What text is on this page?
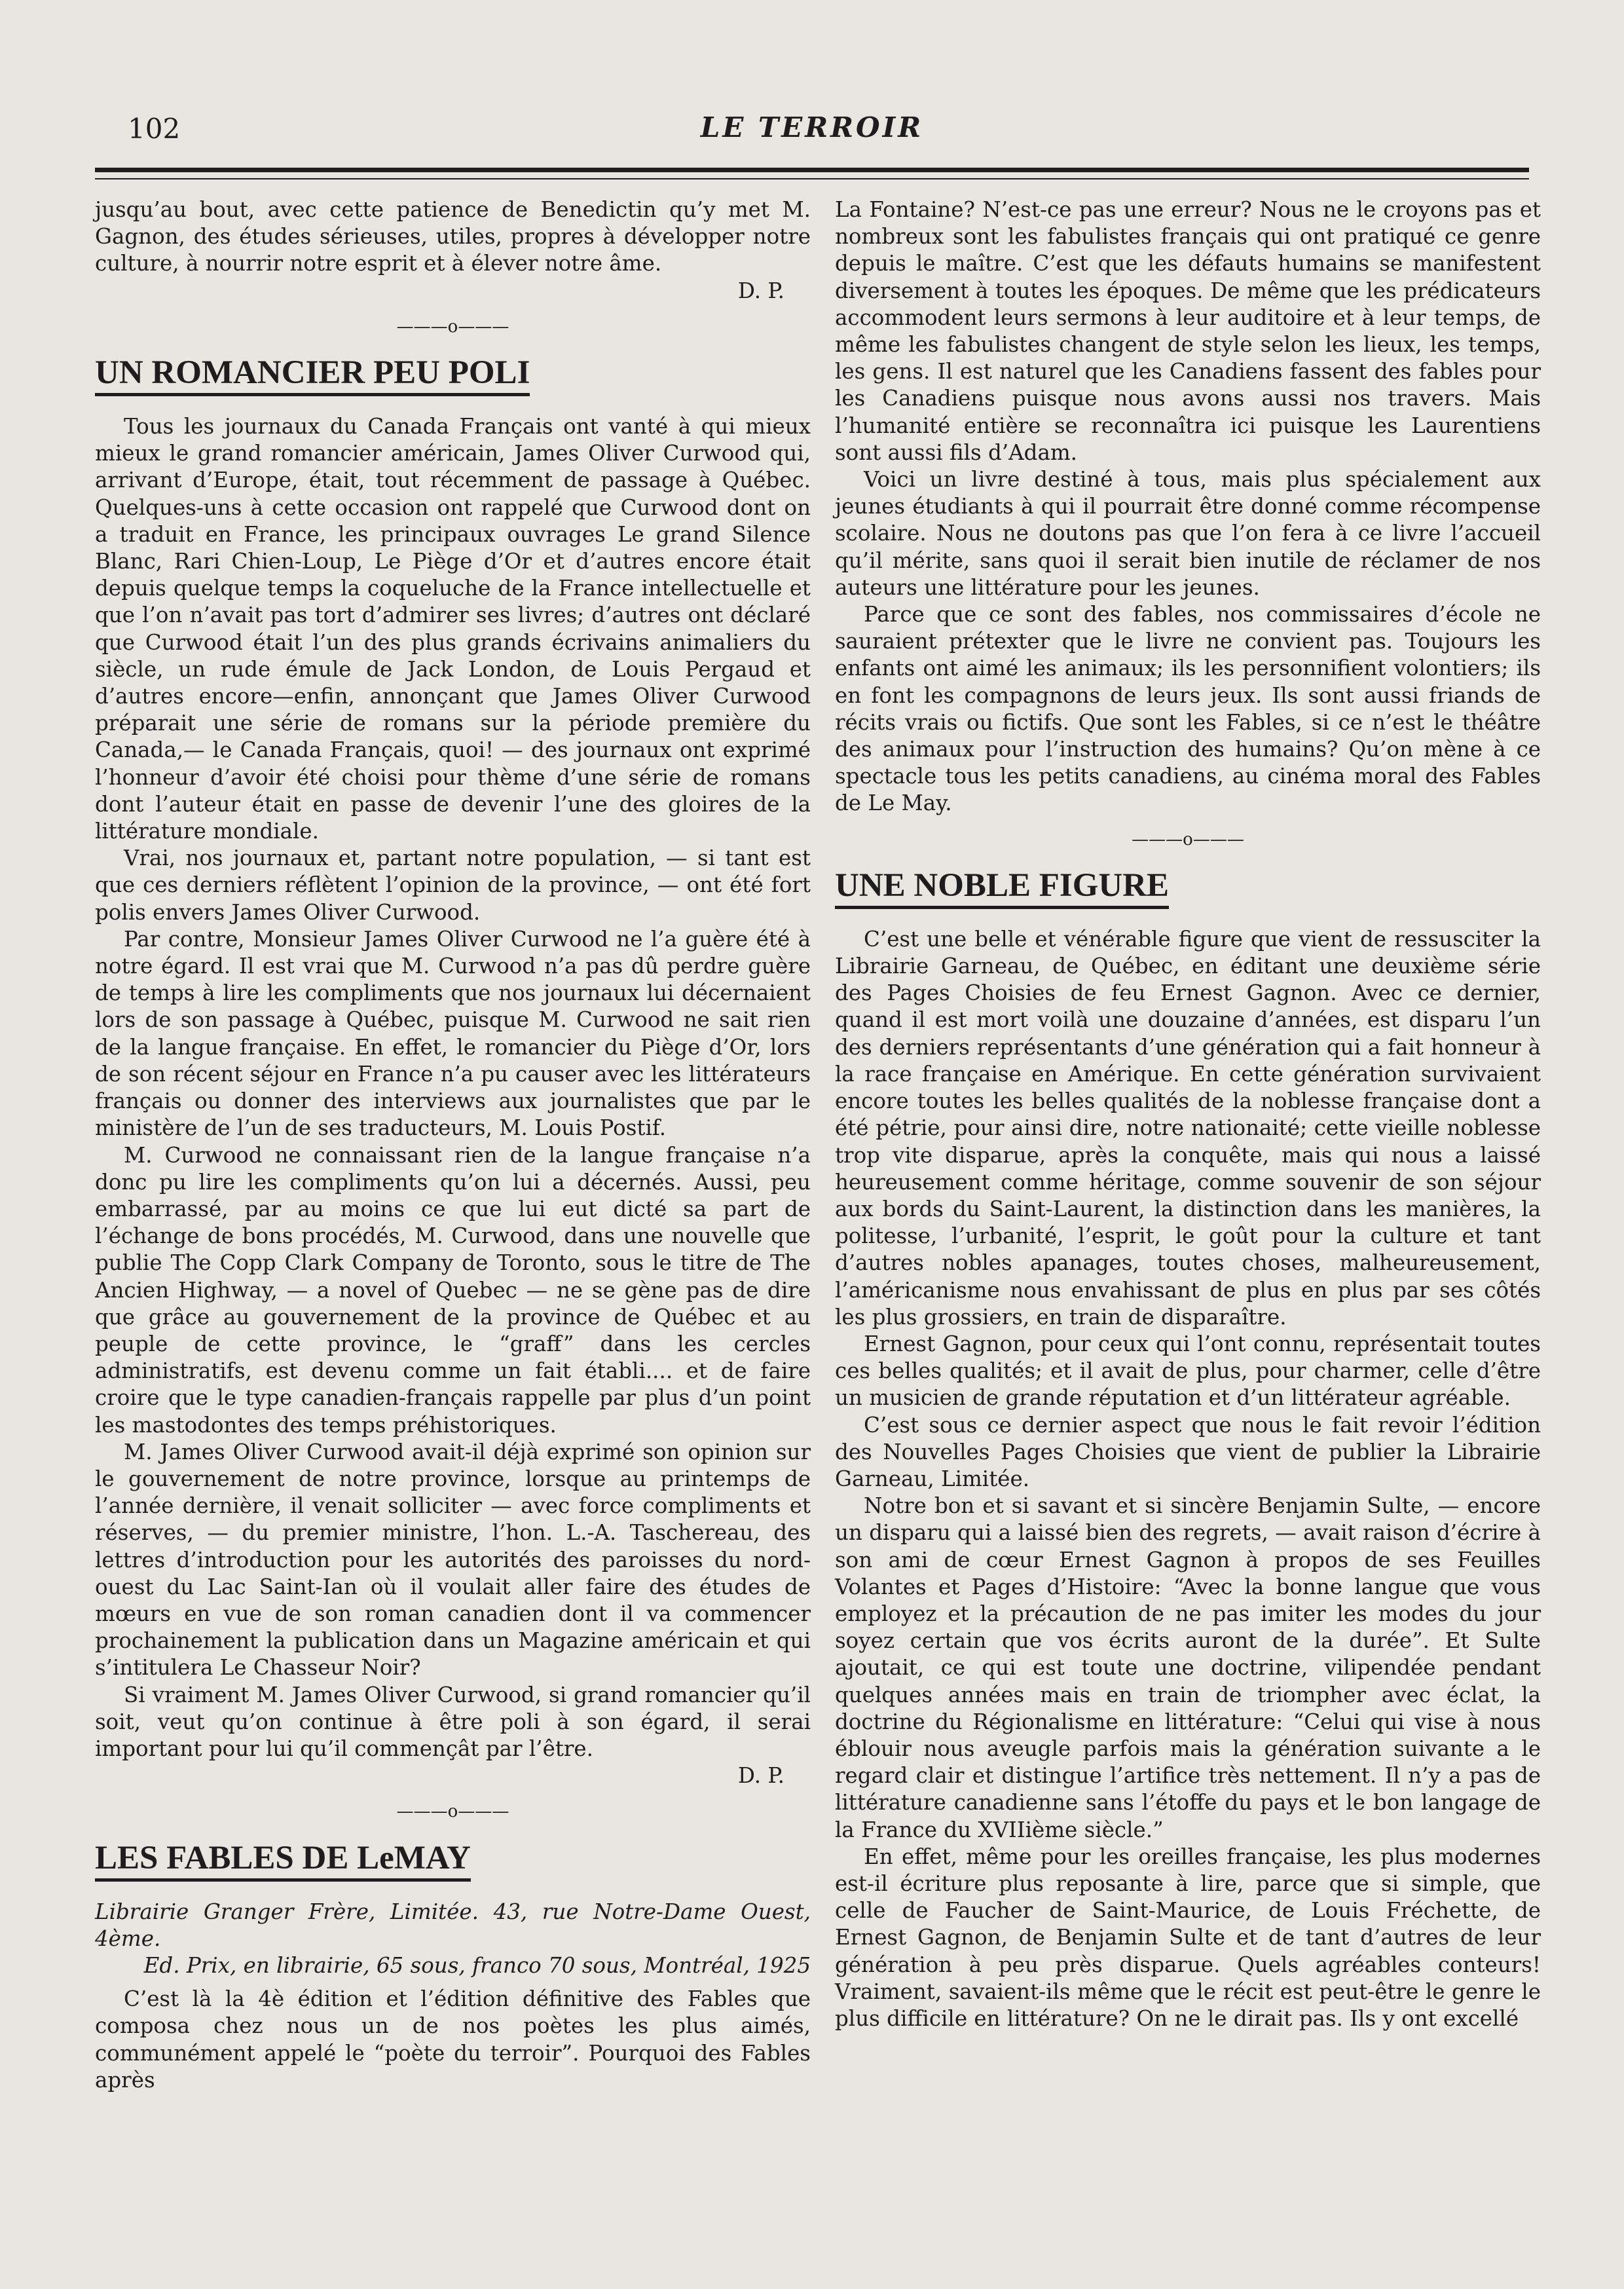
102	LE TERROIR

jusqu’au bout, avec cette patience de Benedictin qu’y met M. Gagnon, des études sérieuses, utiles, propres à développer notre culture, à nourrir notre esprit et à élever notre âme.

D. P.

———o———
UN ROMANCIER PEU POLI

Tous les journaux du Canada Français ont vanté à qui mieux mieux le grand romancier américain, James Oliver Curwood qui, arrivant d’Europe, était, tout récemment de passage à Québec. Quelques-uns à cette occasion ont rappelé que Curwood dont on a traduit en France, les principaux ouvrages Le grand Silence Blanc, Rari Chien-Loup, Le Piège d’Or et d’autres encore était depuis quelque temps la coqueluche de la France intellectuelle et que l’on n’avait pas tort d’admirer ses livres; d’autres ont déclaré que Curwood était l’un des plus grands écrivains animaliers du siècle, un rude émule de Jack London, de Louis Pergaud et d’autres encore—enfin, annonçant que James Oliver Curwood préparait une série de romans sur la période première du Canada,— le Canada Français, quoi! — des journaux ont exprimé l’honneur d’avoir été choisi pour thème d’une série de romans dont l’auteur était en passe de devenir l’une des gloires de la littérature mondiale.

Vrai, nos journaux et, partant notre population, — si tant est que ces derniers réflètent l’opinion de la province, — ont été fort polis envers James Oliver Curwood.

Par contre, Monsieur James Oliver Curwood ne l’a guère été à notre égard. Il est vrai que M. Curwood n’a pas dû perdre guère de temps à lire les compliments que nos journaux lui décernaient lors de son passage à Québec, puisque M. Curwood ne sait rien de la langue française. En effet, le romancier du Piège d’Or, lors de son récent séjour en France n’a pu causer avec les littérateurs français ou donner des interviews aux journalistes que par le ministère de l’un de ses traducteurs, M. Louis Postif.

M. Curwood ne connaissant rien de la langue française n’a donc pu lire les compliments qu’on lui a décernés. Aussi, peu embarrassé, par au moins ce que lui eut dicté sa part de l’échange de bons procédés, M. Curwood, dans une nouvelle que publie The Copp Clark Company de Toronto, sous le titre de The Ancien Highway, — a novel of Quebec — ne se gène pas de dire que grâce au gouvernement de la province de Québec et au peuple de cette province, le “graff” dans les cercles administratifs, est devenu comme un fait établi.... et de faire croire que le type canadien-français rappelle par plus d’un point les mastodontes des temps préhistoriques.

M. James Oliver Curwood avait-il déjà exprimé son opinion sur le gouvernement de notre province, lorsque au printemps de l’année dernière, il venait solliciter — avec force compliments et réserves, — du premier ministre, l’hon. L.-A. Taschereau, des lettres d’introduction pour les autorités des paroisses du nord-ouest du Lac Saint-Ian où il voulait aller faire des études de mœurs en vue de son roman canadien dont il va commencer prochainement la publication dans un Magazine américain et qui s’intitulera Le Chasseur Noir?

Si vraiment M. James Oliver Curwood, si grand romancier qu’il soit, veut qu’on continue à être poli à son égard, il serai important pour lui qu’il commençât par l’être.

D. P.

———o———
LES FABLES DE LeMAY

Librairie Granger Frère, Limitée. 43, rue Notre-Dame Ouest, 4ème.
Ed. Prix, en librairie, 65 sous, franco 70 sous, Montréal, 1925

C’est là la 4è édition et l’édition définitive des Fables que composa chez nous un de nos poètes les plus aimés, communément appelé le “poète du terroir”. Pourquoi des Fables après

La Fontaine? N’est-ce pas une erreur? Nous ne le croyons pas et nombreux sont les fabulistes français qui ont pratiqué ce genre depuis le maître. C’est que les défauts humains se manifestent diversement à toutes les époques. De même que les prédicateurs accommodent leurs sermons à leur auditoire et à leur temps, de même les fabulistes changent de style selon les lieux, les temps, les gens. Il est naturel que les Canadiens fassent des fables pour les Canadiens puisque nous avons aussi nos travers. Mais l’humanité entière se reconnaîtra ici puisque les Laurentiens sont aussi fils d’Adam.

Voici un livre destiné à tous, mais plus spécialement aux jeunes étudiants à qui il pourrait être donné comme récompense scolaire. Nous ne doutons pas que l’on fera à ce livre l’accueil qu’il mérite, sans quoi il serait bien inutile de réclamer de nos auteurs une littérature pour les jeunes.

Parce que ce sont des fables, nos commissaires d’école ne sauraient prétexter que le livre ne convient pas. Toujours les enfants ont aimé les animaux; ils les personnifient volontiers; ils en font les compagnons de leurs jeux. Ils sont aussi friands de récits vrais ou fictifs. Que sont les Fables, si ce n’est le théâtre des animaux pour l’instruction des humains? Qu’on mène à ce spectacle tous les petits canadiens, au cinéma moral des Fables de Le May.

———o———
UNE NOBLE FIGURE

C’est une belle et vénérable figure que vient de ressusciter la Librairie Garneau, de Québec, en éditant une deuxième série des Pages Choisies de feu Ernest Gagnon. Avec ce dernier, quand il est mort voilà une douzaine d’années, est disparu l’un des derniers représentants d’une génération qui a fait honneur à la race française en Amérique. En cette génération survivaient encore toutes les belles qualités de la noblesse française dont a été pétrie, pour ainsi dire, notre nationaité; cette vieille noblesse trop vite disparue, après la conquête, mais qui nous a laissé heureusement comme héritage, comme souvenir de son séjour aux bords du Saint-Laurent, la distinction dans les manières, la politesse, l’urbanité, l’esprit, le goût pour la culture et tant d’autres nobles apanages, toutes choses, malheureusement, l’américanisme nous envahissant de plus en plus par ses côtés les plus grossiers, en train de disparaître.

Ernest Gagnon, pour ceux qui l’ont connu, représentait toutes ces belles qualités; et il avait de plus, pour charmer, celle d’être un musicien de grande réputation et d’un littérateur agréable.

C’est sous ce dernier aspect que nous le fait revoir l’édition des Nouvelles Pages Choisies que vient de publier la Librairie Garneau, Limitée.

Notre bon et si savant et si sincère Benjamin Sulte, — encore un disparu qui a laissé bien des regrets, — avait raison d’écrire à son ami de cœur Ernest Gagnon à propos de ses Feuilles Volantes et Pages d’Histoire: “Avec la bonne langue que vous employez et la précaution de ne pas imiter les modes du jour soyez certain que vos écrits auront de la durée”. Et Sulte ajoutait, ce qui est toute une doctrine, vilipendée pendant quelques années mais en train de triompher avec éclat, la doctrine du Régionalisme en littérature: “Celui qui vise à nous éblouir nous aveugle parfois mais la génération suivante a le regard clair et distingue l’artifice très nettement. Il n’y a pas de littérature canadienne sans l’étoffe du pays et le bon langage de la France du XVIIième siècle.”

En effet, même pour les oreilles française, les plus modernes est-il écriture plus reposante à lire, parce que si simple, que celle de Faucher de Saint-Maurice, de Louis Fréchette, de Ernest Gagnon, de Benjamin Sulte et de tant d’autres de leur génération à peu près disparue. Quels agréables conteurs! Vraiment, savaient-ils même que le récit est peut-être le genre le plus difficile en littérature? On ne le dirait pas. Ils y ont excellé
